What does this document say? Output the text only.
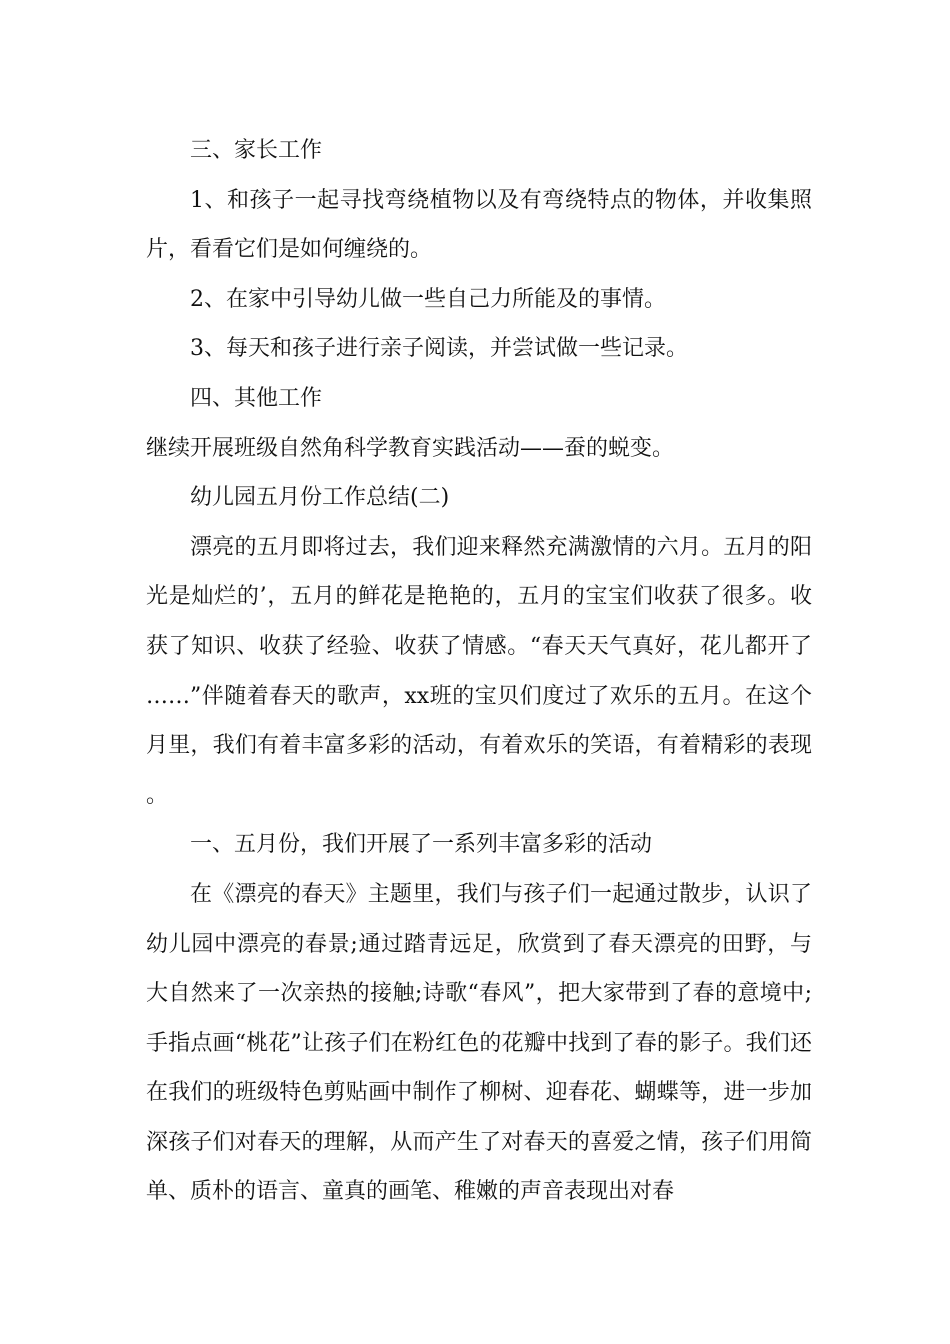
三、家长工作

1、和孩子一起寻找弯绕植物以及有弯绕特点的物体，并收集照片，看看它们是如何缠绕的。

2、在家中引导幼儿做一些自己力所能及的事情。

3、每天和孩子进行亲子阅读，并尝试做一些记录。

四、其他工作

继续开展班级自然角科学教育实践活动——蚕的蜕变。

幼儿园五月份工作总结(二)

漂亮的五月即将过去，我们迎来释然充满激情的六月。五月的阳光是灿烂的’，五月的鲜花是艳艳的，五月的宝宝们收获了很多。收获了知识、收获了经验、收获了情感。“春天天气真好，花儿都开了……”伴随着春天的歌声，xx班的宝贝们度过了欢乐的五月。在这个月里，我们有着丰富多彩的活动，有着欢乐的笑语，有着精彩的表现。

一、五月份，我们开展了一系列丰富多彩的活动

在《漂亮的春天》主题里，我们与孩子们一起通过散步，认识了幼儿园中漂亮的春景;通过踏青远足，欣赏到了春天漂亮的田野，与大自然来了一次亲热的接触;诗歌“春风”，把大家带到了春的意境中;手指点画“桃花”让孩子们在粉红色的花瓣中找到了春的影子。我们还在我们的班级特色剪贴画中制作了柳树、迎春花、蝴蝶等，进一步加深孩子们对春天的理解，从而产生了对春天的喜爱之情，孩子们用简单、质朴的语言、童真的画笔、稚嫩的声音表现出对春
